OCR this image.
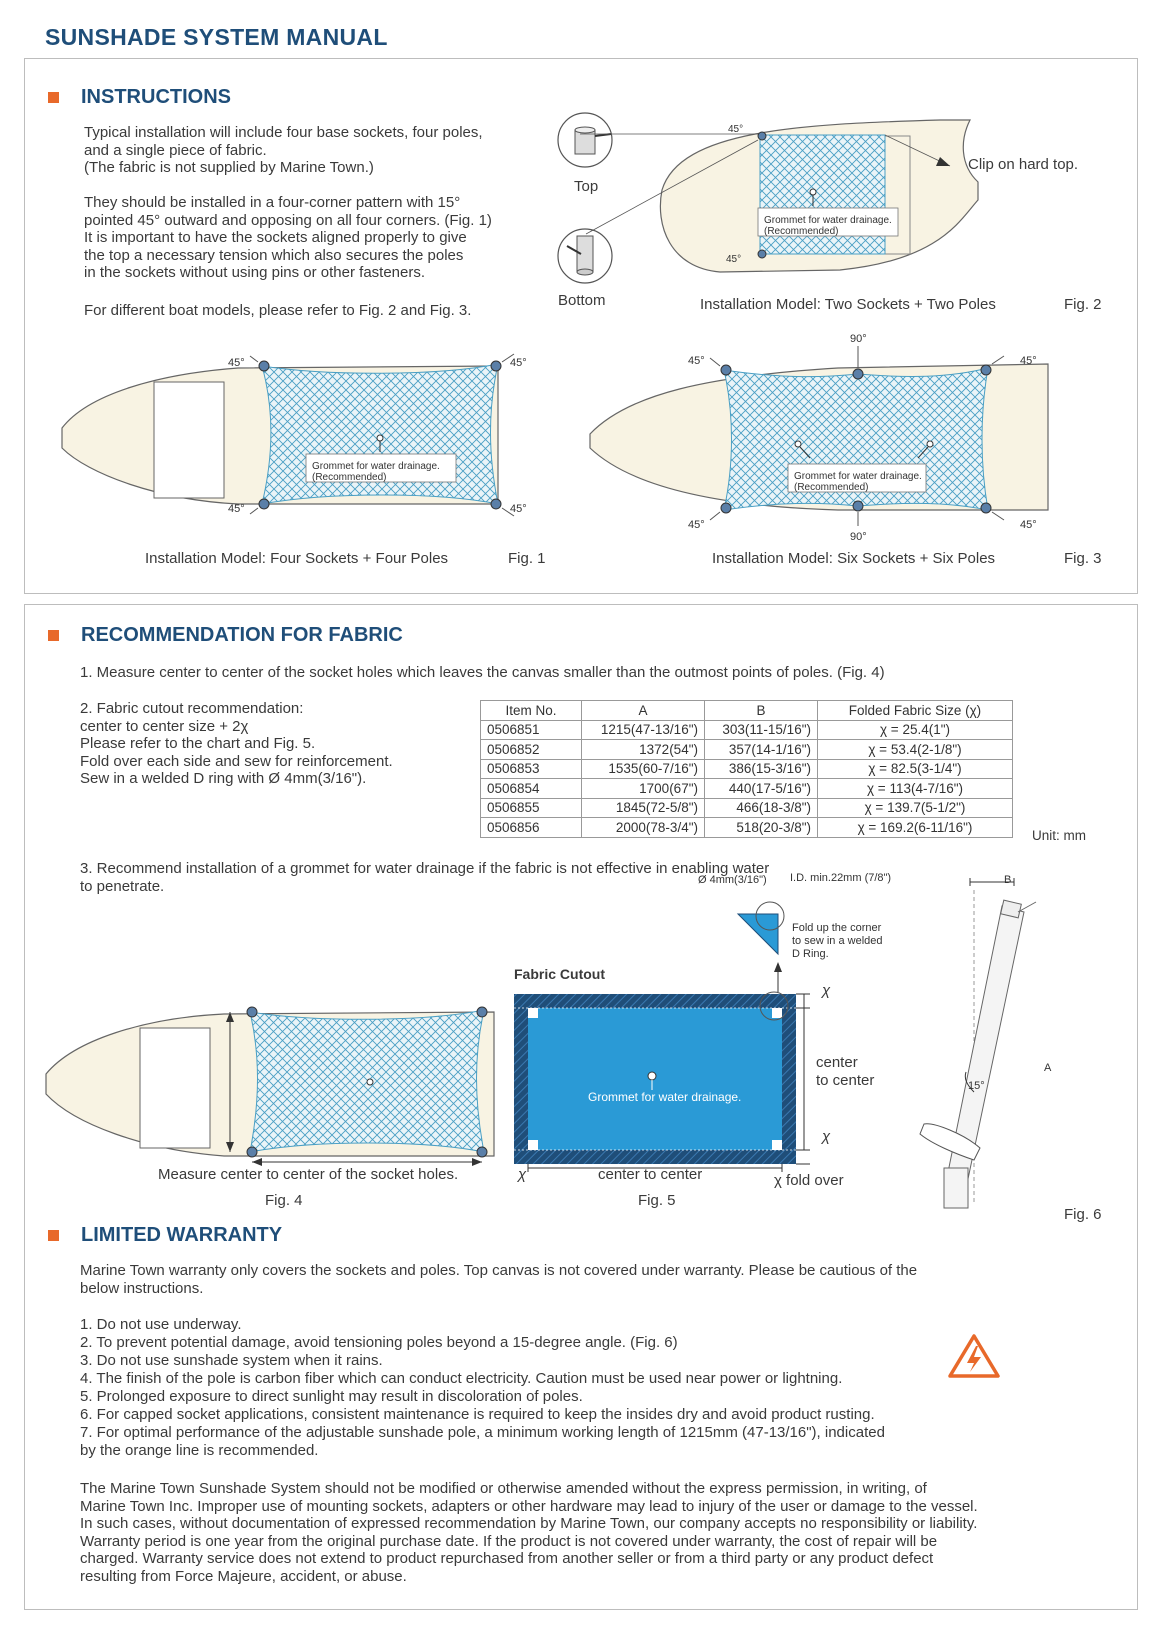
SUNSHADE SYSTEM MANUAL
INSTRUCTIONS
Typical installation will include four base sockets, four poles,
and a single piece of fabric.
(The fabric is not supplied by Marine Town.)
They should be installed in a four-corner pattern with 15°
pointed 45° outward and opposing on all four corners. (Fig. 1)
It is important to have the sockets aligned properly to give
the top a necessary tension which also secures the poles
in the sockets without using pins or other fasteners.
For different boat models, please refer to Fig. 2 and Fig. 3.
Top
Bottom
45°
45°
Grommet for water drainage.
(Recommended)
Clip on hard top.
Installation Model: Two Sockets + Two Poles	Fig. 2
Grommet for water drainage.
(Recommended)
45°	45°
45°	45°
Installation Model: Four Sockets + Four Poles	Fig. 1
Grommet for water drainage.
(Recommended)
90°
90°
45°	45°
45°	45°
Installation Model: Six Sockets + Six Poles	Fig. 3
RECOMMENDATION FOR FABRIC
1. Measure center to center of the socket holes which leaves the canvas smaller than the outmost points of poles. (Fig. 4)
2. Fabric cutout recommendation:
center to center size + 2χ
Please refer to the chart and Fig. 5.
Fold over each side and sew for reinforcement.
Sew in a welded D ring with Ø 4mm(3/16").
Item No.	A	B	Folded Fabric Size (χ)
0506851	1215(47-13/16")	303(11-15/16")	χ = 25.4(1")
0506852	1372(54")	357(14-1/16")	χ = 53.4(2-1/8")
0506853	1535(60-7/16")	386(15-3/16")	χ = 82.5(3-1/4")
0506854	1700(67")	440(17-5/16")	χ = 113(4-7/16")
0506855	1845(72-5/8")	466(18-3/8")	χ = 139.7(5-1/2")
0506856	2000(78-3/4")	518(20-3/8")	χ = 169.2(6-11/16")
Unit: mm
3. Recommend installation of a grommet for water drainage if the fabric is not effective in enabling water
to penetrate.
Measure center to center of the socket holes.
Fig. 4
Fabric Cutout
Ø 4mm(3/16") I.D. min.22mm (7/8")
Fold up the corner
to sew in a welded
D Ring.
Grommet for water drainage.
χ
χ
center
to center
χ	center to center	χ fold over
Fig. 5
B
A
15°
Fig. 6
LIMITED WARRANTY
Marine Town warranty only covers the sockets and poles. Top canvas is not covered under warranty. Please be cautious of the
below instructions.
1. Do not use underway.
2. To prevent potential damage, avoid tensioning poles beyond a 15-degree angle. (Fig. 6)
3. Do not use sunshade system when it rains.
4. The finish of the pole is carbon fiber which can conduct electricity. Caution must be used near power or lightning.
5. Prolonged exposure to direct sunlight may result in discoloration of poles.
6. For capped socket applications, consistent maintenance is required to keep the insides dry and avoid product rusting.
7. For optimal performance of the adjustable sunshade pole, a minimum working length of 1215mm (47-13/16"), indicated
by the orange line is recommended.
The Marine Town Sunshade System should not be modified or otherwise amended without the express permission, in writing, of
Marine Town Inc. Improper use of mounting sockets, adapters or other hardware may lead to injury of the user or damage to the vessel.
In such cases, without documentation of expressed recommendation by Marine Town, our company accepts no responsibility or liability.
Warranty period is one year from the original purchase date. If the product is not covered under warranty, the cost of repair will be
charged. Warranty service does not extend to product repurchased from another seller or from a third party or any product defect
resulting from Force Majeure, accident, or abuse.
